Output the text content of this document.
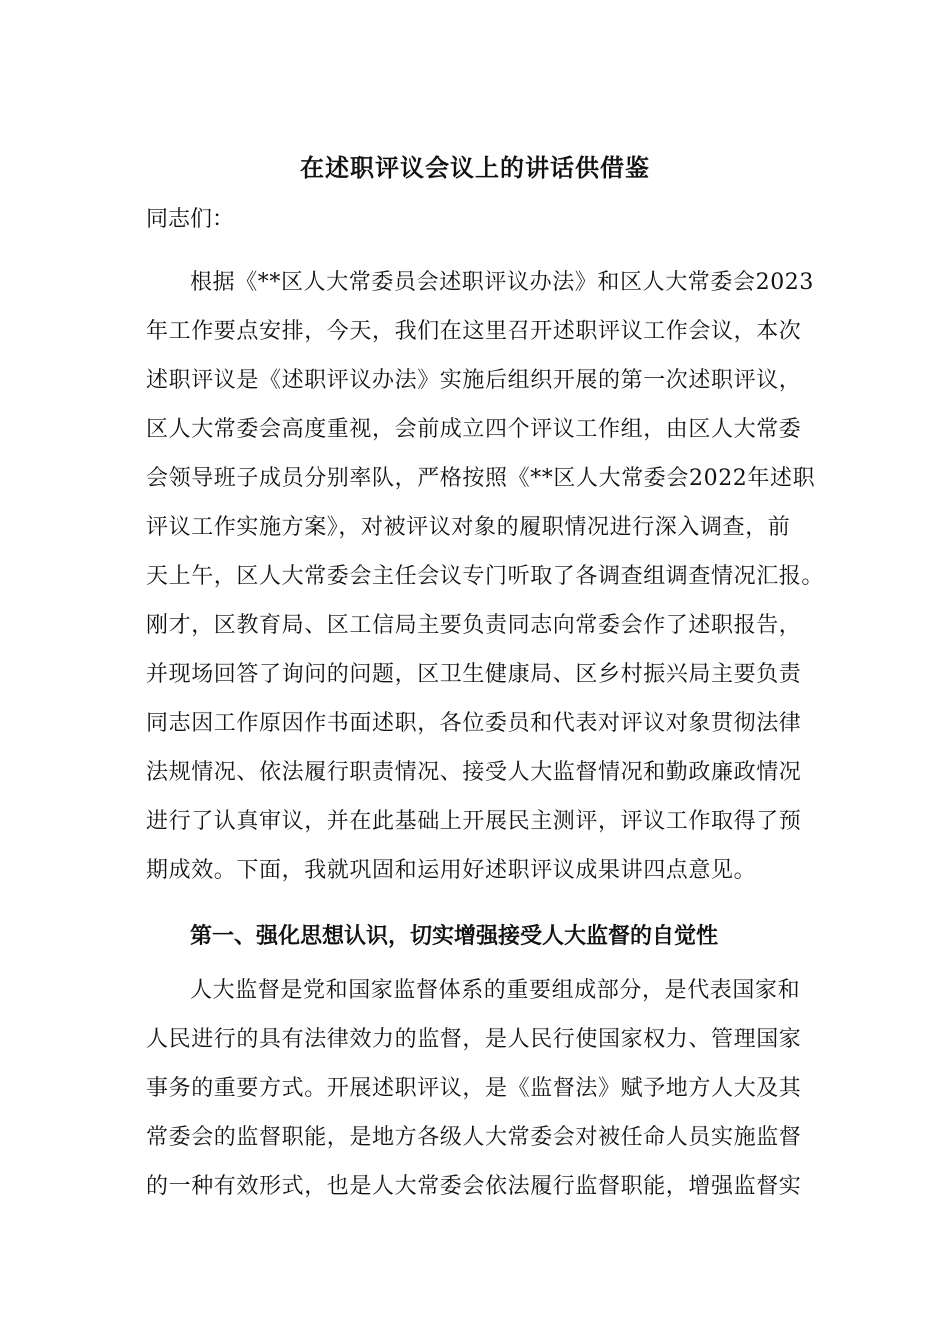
在述职评议会议上的讲话供借鉴
同志们：
根据《**区人大常委员会述职评议办法》和区人大常委会2023
年工作要点安排，今天，我们在这里召开述职评议工作会议，本次
述职评议是《述职评议办法》实施后组织开展的第一次述职评议，
区人大常委会高度重视，会前成立四个评议工作组，由区人大常委
会领导班子成员分别率队，严格按照《**区人大常委会2022年述职
评议工作实施方案》，对被评议对象的履职情况进行深入调查，前
天上午，区人大常委会主任会议专门听取了各调查组调查情况汇报。
刚才，区教育局、区工信局主要负责同志向常委会作了述职报告，
并现场回答了询问的问题，区卫生健康局、区乡村振兴局主要负责
同志因工作原因作书面述职，各位委员和代表对评议对象贯彻法律
法规情况、依法履行职责情况、接受人大监督情况和勤政廉政情况
进行了认真审议，并在此基础上开展民主测评，评议工作取得了预
期成效。下面，我就巩固和运用好述职评议成果讲四点意见。
第一、强化思想认识，切实增强接受人大监督的自觉性
人大监督是党和国家监督体系的重要组成部分，是代表国家和
人民进行的具有法律效力的监督，是人民行使国家权力、管理国家
事务的重要方式。开展述职评议，是《监督法》赋予地方人大及其
常委会的监督职能，是地方各级人大常委会对被任命人员实施监督
的一种有效形式，也是人大常委会依法履行监督职能，增强监督实
